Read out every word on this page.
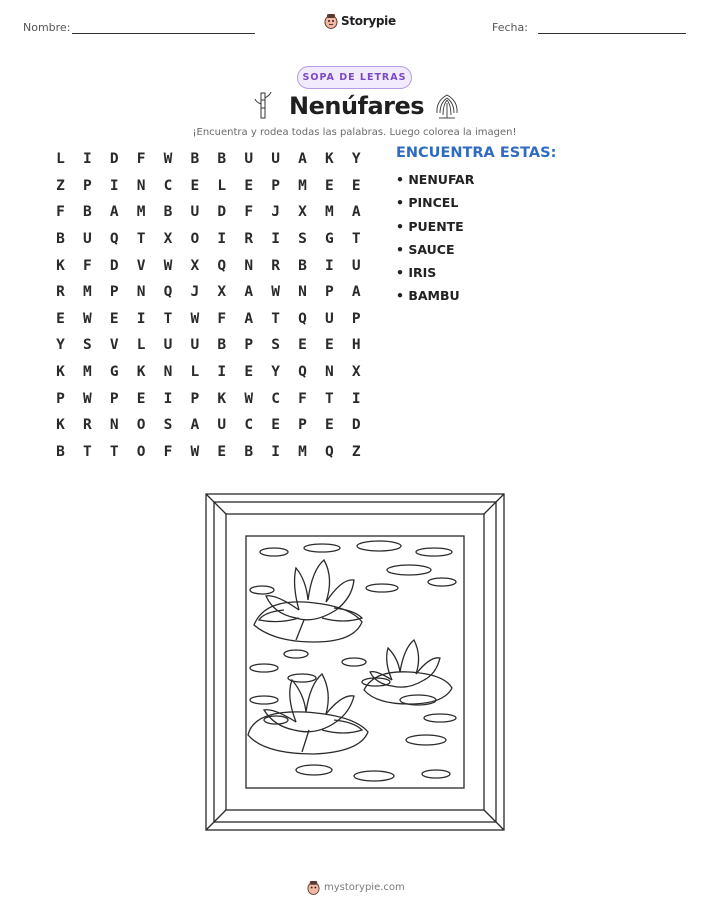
Nombre:	Storypie	Fecha:
SOPA DE LETRAS
Nenúfares
¡Encuentra y rodea todas las palabras. Luego colorea la imagen!
L	I	D	F	W	B	B	U	U	A	K	Y
Z	P	I	N	C	E	L	E	P	M	E	E
F	B	A	M	B	U	D	F	J	X	M	A
B	U	Q	T	X	O	I	R	I	S	G	T
K	F	D	V	W	X	Q	N	R	B	I	U
R	M	P	N	Q	J	X	A	W	N	P	A
E	W	E	I	T	W	F	A	T	Q	U	P
Y	S	V	L	U	U	B	P	S	E	E	H
K	M	G	K	N	L	I	E	Y	Q	N	X
P	W	P	E	I	P	K	W	C	F	T	I
K	R	N	O	S	A	U	C	E	P	E	D
B	T	T	O	F	W	E	B	I	M	Q	Z
ENCUENTRA ESTAS:
• NENUFAR
• PINCEL
• PUENTE
• SAUCE
• IRIS
• BAMBU
mystorypie.com
